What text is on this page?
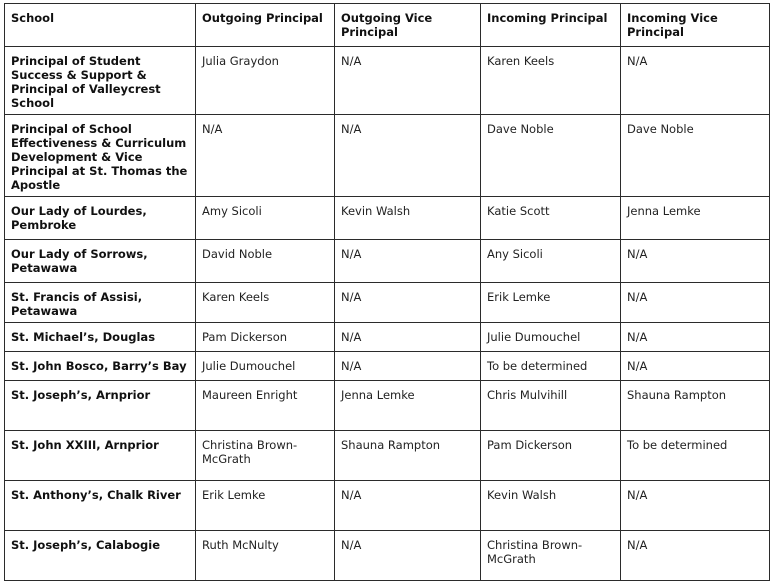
School	Outgoing Principal	Outgoing Vice Principal	Incoming Principal	Incoming Vice Principal
Principal of Student Success & Support & Principal of Valleycrest School	Julia Graydon	N/A	Karen Keels	N/A
Principal of School Effectiveness & Curriculum Development & Vice Principal at St. Thomas the Apostle	N/A	N/A	Dave Noble	Dave Noble
Our Lady of Lourdes, Pembroke	Amy Sicoli	Kevin Walsh	Katie Scott	Jenna Lemke
Our Lady of Sorrows, Petawawa	David Noble	N/A	Any Sicoli	N/A
St. Francis of Assisi, Petawawa	Karen Keels	N/A	Erik Lemke	N/A
St. Michael’s, Douglas	Pam Dickerson	N/A	Julie Dumouchel	N/A
St. John Bosco, Barry’s Bay	Julie Dumouchel	N/A	To be determined	N/A
St. Joseph’s, Arnprior	Maureen Enright	Jenna Lemke	Chris Mulvihill	Shauna Rampton
St. John XXIII, Arnprior	Christina Brown-McGrath	Shauna Rampton	Pam Dickerson	To be determined
St. Anthony’s, Chalk River	Erik Lemke	N/A	Kevin Walsh	N/A
St. Joseph’s, Calabogie	Ruth McNulty	N/A	Christina Brown-McGrath	N/A
